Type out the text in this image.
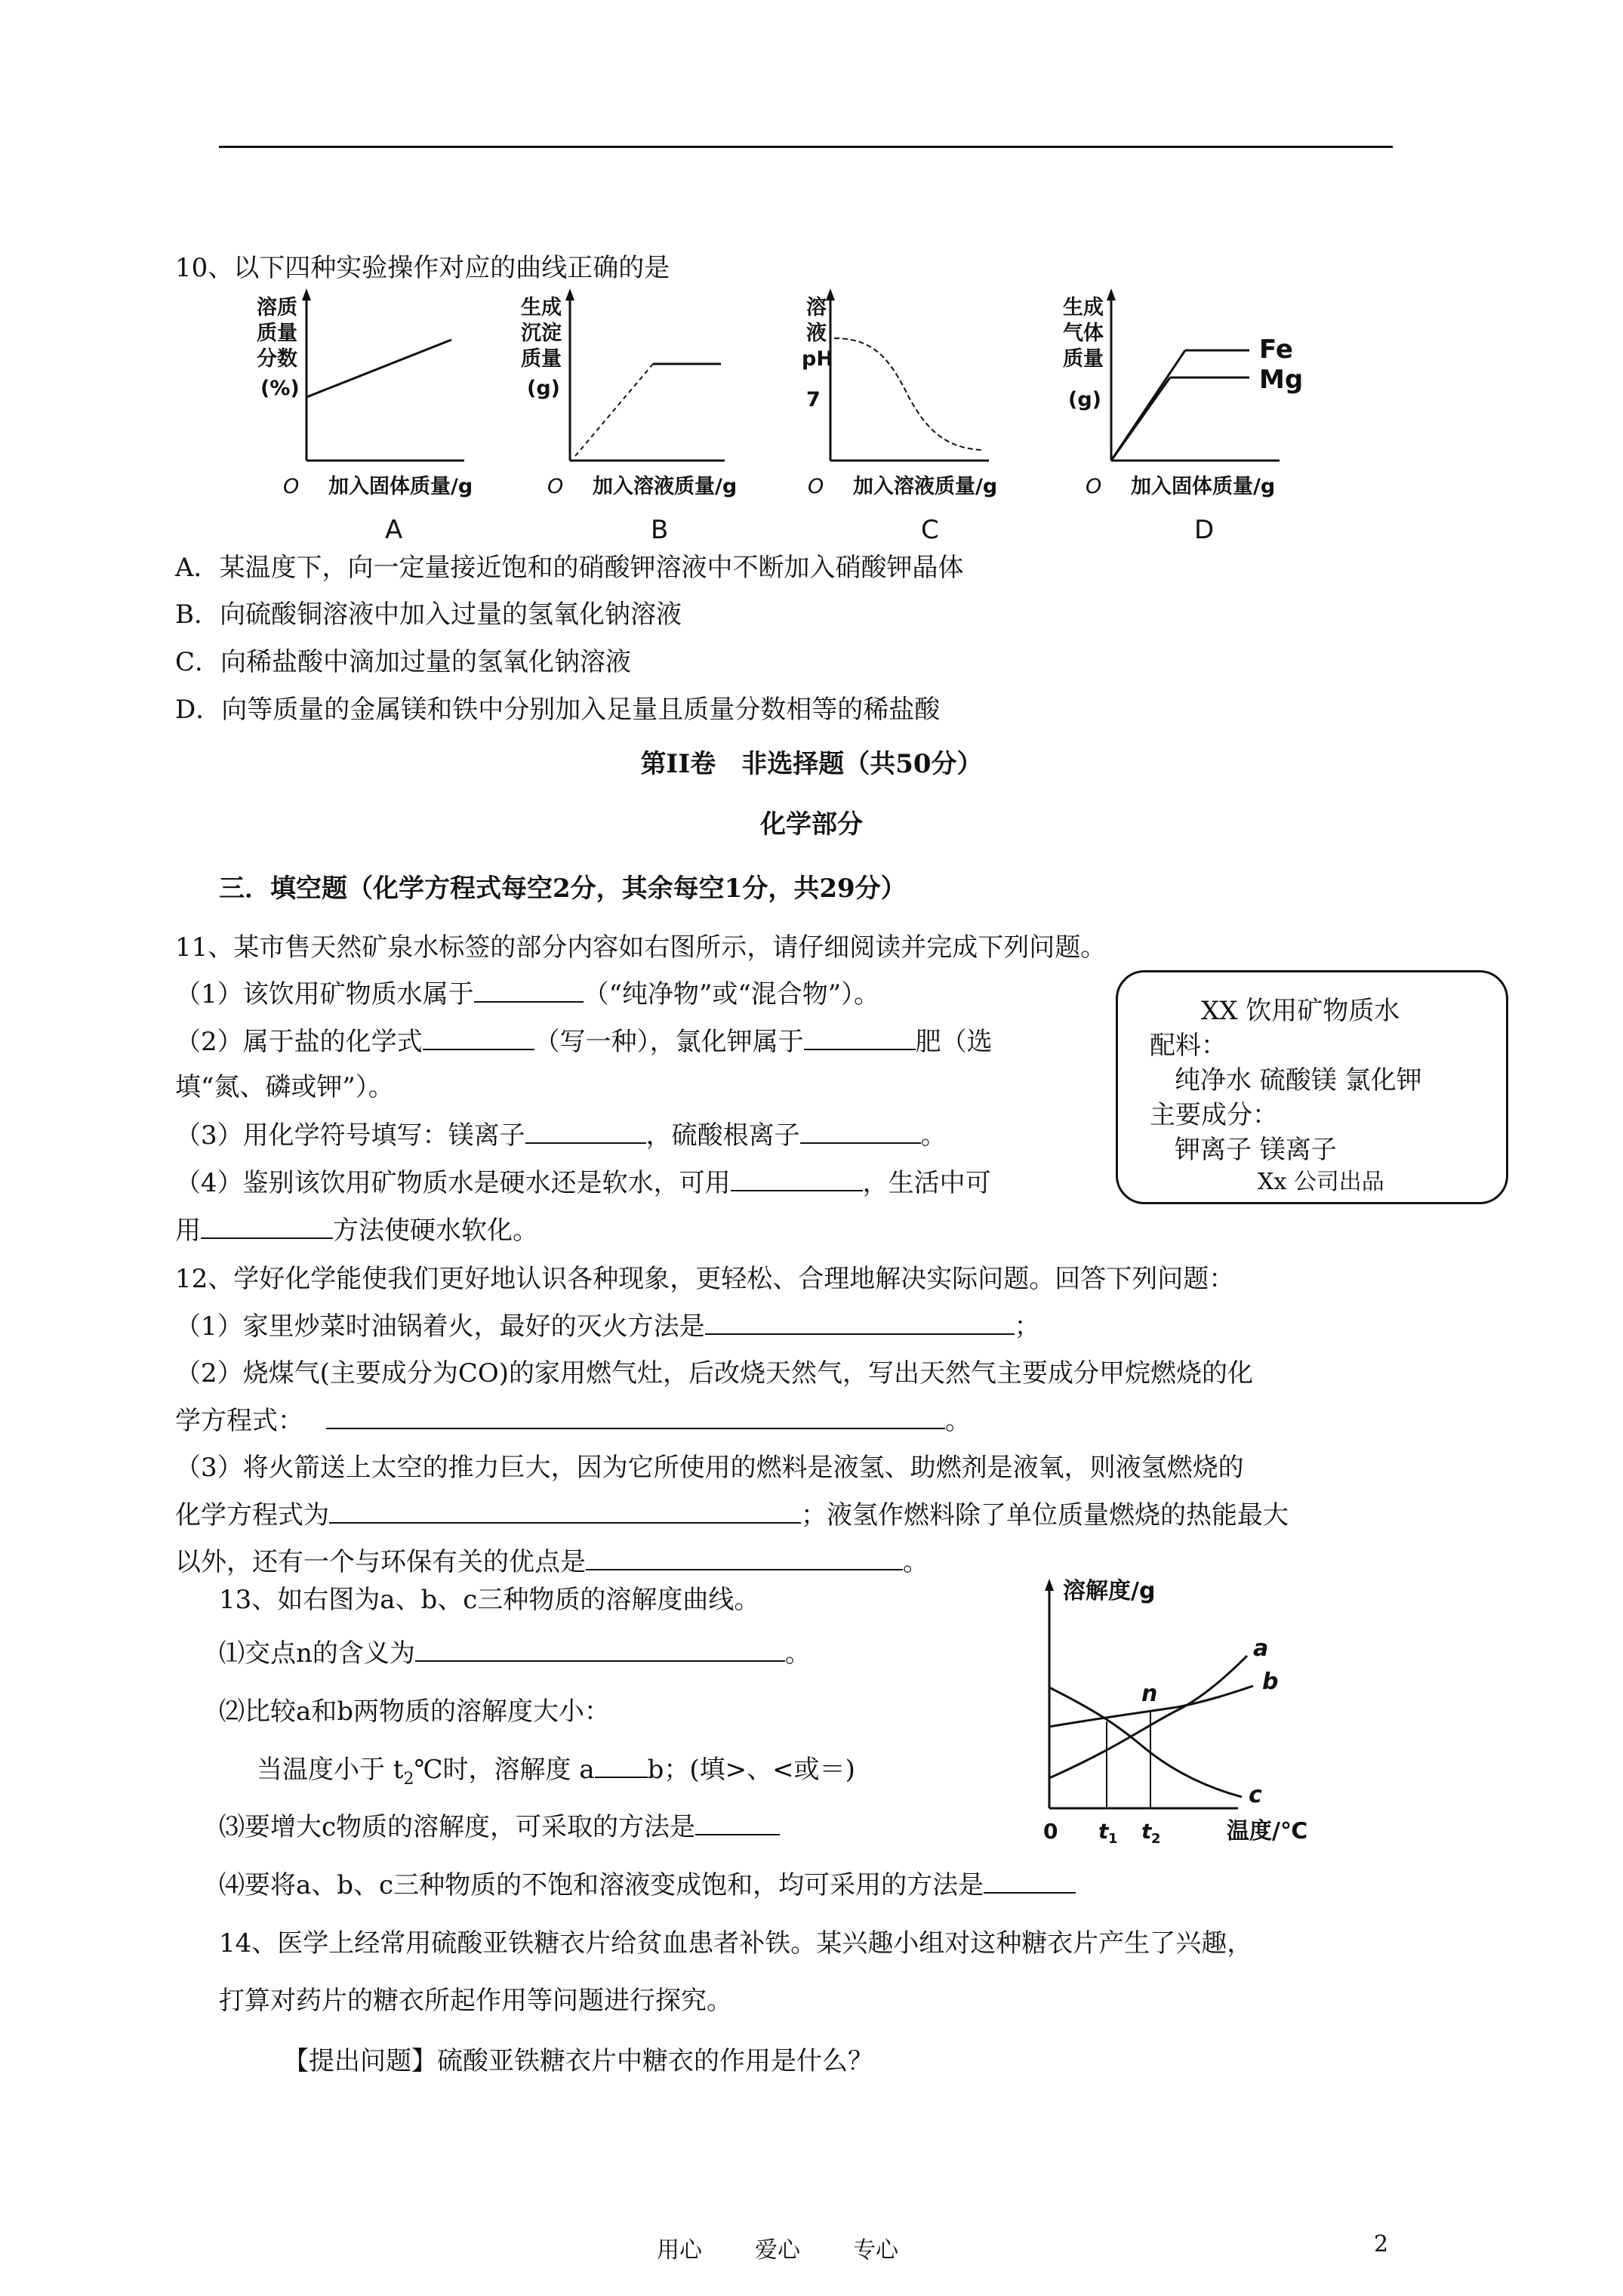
10、以下四种实验操作对应的曲线正确的是
溶质
质量
分数
(%)
O 加入固体质量/g
A
生成
沉淀
质量
(g)
O 加入溶液质量/g
B
溶
液
pH
7
O 加入溶液质量/g
C
生成
气体
质量
(g)
Fe
Mg
O 加入固体质量/g
D
A．某温度下，向一定量接近饱和的硝酸钾溶液中不断加入硝酸钾晶体
B．向硫酸铜溶液中加入过量的氢氧化钠溶液
C．向稀盐酸中滴加过量的氢氧化钠溶液
D．向等质量的金属镁和铁中分别加入足量且质量分数相等的稀盐酸
第II卷　非选择题（共50分）
化学部分
三．填空题（化学方程式每空2分，其余每空1分，共29分）
11、某市售天然矿泉水标签的部分内容如右图所示，请仔细阅读并完成下列问题。
（1）该饮用矿物质水属于	（“纯净物”或“混合物”）。
（2）属于盐的化学式	（写一种），氯化钾属于	肥（选
填“氮、磷或钾”）。
（3）用化学符号填写：镁离子	，硫酸根离子	。
（4）鉴别该饮用矿物质水是硬水还是软水，可用	，生活中可
用	方法使硬水软化。
XX 饮用矿物质水
配料：
纯净水 硫酸镁 氯化钾
主要成分：
钾离子 镁离子
Xx 公司出品
12、学好化学能使我们更好地认识各种现象，更轻松、合理地解决实际问题。回答下列问题：
（1）家里炒菜时油锅着火，最好的灭火方法是	；
（2）烧煤气(主要成分为CO)的家用燃气灶，后改烧天然气，写出天然气主要成分甲烷燃烧的化
学方程式：	。
（3）将火箭送上太空的推力巨大，因为它所使用的燃料是液氢、助燃剂是液氧，则液氢燃烧的
化学方程式为	；液氢作燃料除了单位质量燃烧的热能最大
以外，还有一个与环保有关的优点是	。
13、如右图为a、b、c三种物质的溶解度曲线。
⑴交点n的含义为	。
⑵比较a和b两物质的溶解度大小：
当温度小于 $t_2℃$时，溶解度 a b；(填>、<或＝)
⑶要增大c物质的溶解度，可采取的方法是
⑷要将a、b、c三种物质的不饱和溶液变成饱和，均可采用的方法是
溶解度/g
n
a
b
c
0 t 1 t 2	温度/℃
14、医学上经常用硫酸亚铁糖衣片给贫血患者补铁。某兴趣小组对这种糖衣片产生了兴趣，
打算对药片的糖衣所起作用等问题进行探究。
【提出问题】硫酸亚铁糖衣片中糖衣的作用是什么？
用心 爱心 专心	2
